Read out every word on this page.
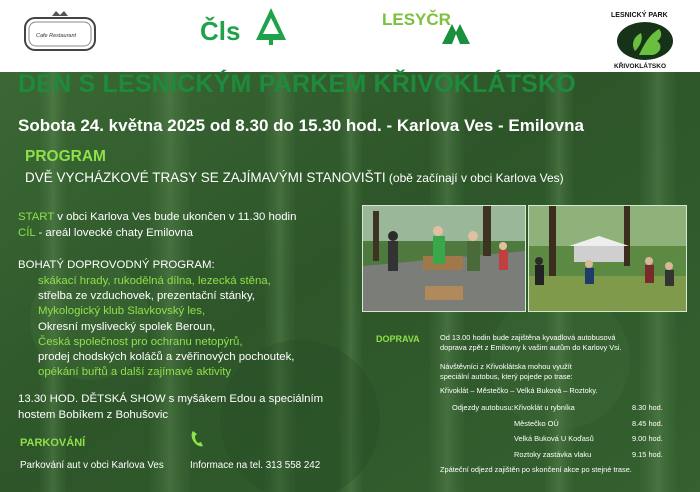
Cafe Restaurant	Čls	LESYČR	LESNICKÝ PARK
KŘIVOKLÁTSKO
DEN S LESNICKÝM PARKEM KŘIVOKLÁTSKO
Sobota 24. května 2025 od 8.30 do 15.30 hod. - Karlova Ves - Emilovna
PROGRAM
DVĚ VYCHÁZKOVÉ TRASY SE ZAJÍMAVÝMI STANOVIŠTI (obě začínají v obci Karlova Ves)
START v obci Karlova Ves bude ukončen v 11.30 hodin
CÍL - areál lovecké chaty Emilovna
BOHATÝ DOPROVODNÝ PROGRAM:
skákací hrady, rukodělná dílna, lezecká stěna,
střelba ze vzduchovek, prezentační stánky,
Mykologický klub Slavkovský les,
Okresní myslivecký spolek Beroun,
Česká společnost pro ochranu netopýrů,
prodej chodských koláčů a zvěřinových pochoutek,
opékání buřtů a další zajímavé aktivity
13.30 HOD. DĚTSKÁ SHOW s myšákem Edou a speciálním
hostem Bobíkem z Bohušovic
PARKOVÁNÍ
Parkování aut v obci Karlova Ves	Informace na tel. 313 558 242
DOPRAVA	Od 13.00 hodin bude zajištěna kyvadlová autobusová
doprava zpět z Emilovny k vašim autům do Karlovy Vsi.
Návštěvníci z Křivoklátska mohou využít
speciální autobus, který pojede po trase:
Křivoklát – Městečko – Velká Buková – Roztoky.
Odjezdy autobusu: Křivoklát u rybníka	8.30 hod.
Městečko OÚ	8.45 hod.
Velká Buková U Koďasů	9.00 hod.
Roztoky zastávka vlaku	9.15 hod.
Zpáteční odjezd zajištěn po skončení akce po stejné trase.
